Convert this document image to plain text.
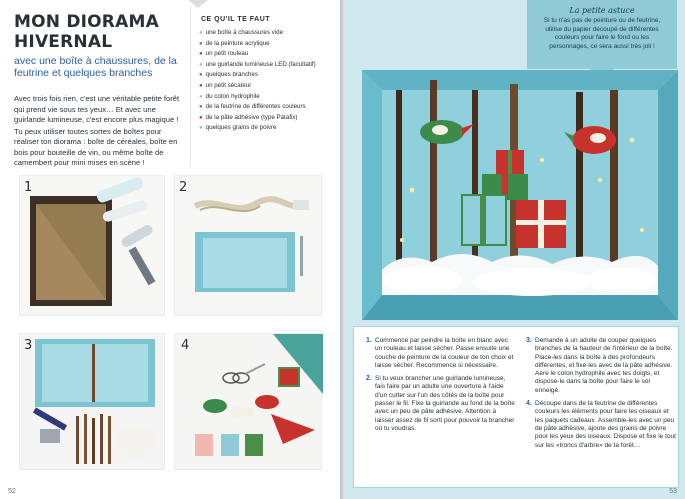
MON DIORAMA HIVERNAL
avec une boîte à chaussures, de la feutrine et quelques branches

Avec trois fois rien, c'est une véritable petite forêt qui prend vie sous tes yeux… Et avec une guirlande lumineuse, c'est encore plus magique !

Tu peux utiliser toutes sortes de boîtes pour réaliser ton diorama : boîte de céréales, boîte en bois pour bouteille de vin, ou même boîte de camembert pour mini mises en scène !

CE QU'IL TE FAUT
● une boîte à chaussures vide
● de la peinture acrylique
● un petit rouleau
● une guirlande lumineuse LED (facultatif)
● quelques branches
● un petit sécateur
● du coton hydrophile
● de la feutrine de différentes couleurs
● de la pâte adhésive (type Patafix)
● quelques grains de poivre
1	2
3	4
52
La petite astuce
Si tu n'as pas de peinture ou de feutrine, utilise du papier découpé de différentes couleurs pour faire le fond ou les personnages, ce sera aussi très joli !
1. Commence par peindre la boîte en blanc avec un rouleau et laisse sécher. Passe ensuite une couche de peinture de la couleur de ton choix et laisse sécher. Recommence si nécessaire.
2. Si tu veux brancher une guirlande lumineuse, fais faire par un adulte une ouverture à l'aide d'un cutter sur l'un des côtés de la boîte pour passer le fil. Fixe la guirlande au fond de la boîte avec un peu de pâte adhésive. Attention à laisser assez de fil sorti pour pouvoir la brancher où tu voudras.
3. Demande à un adulte de couper quelques branches de la hauteur de l'intérieur de la boîte. Place-les dans la boîte à des profondeurs différentes, et fixe-les avec de la pâte adhésive. Aère le coton hydrophile avec tes doigts, et dispose-le dans la boîte pour faire le sol enneigé.
4. Découpe dans de la feutrine de différentes couleurs les éléments pour faire les oiseaux et les paquets cadeaux. Assemble-les avec un peu de pâte adhésive, ajoute des grains de poivre pour les yeux des oiseaux. Dispose et fixe le tout sur les «troncs d'arbre» de ta forêt…
53
